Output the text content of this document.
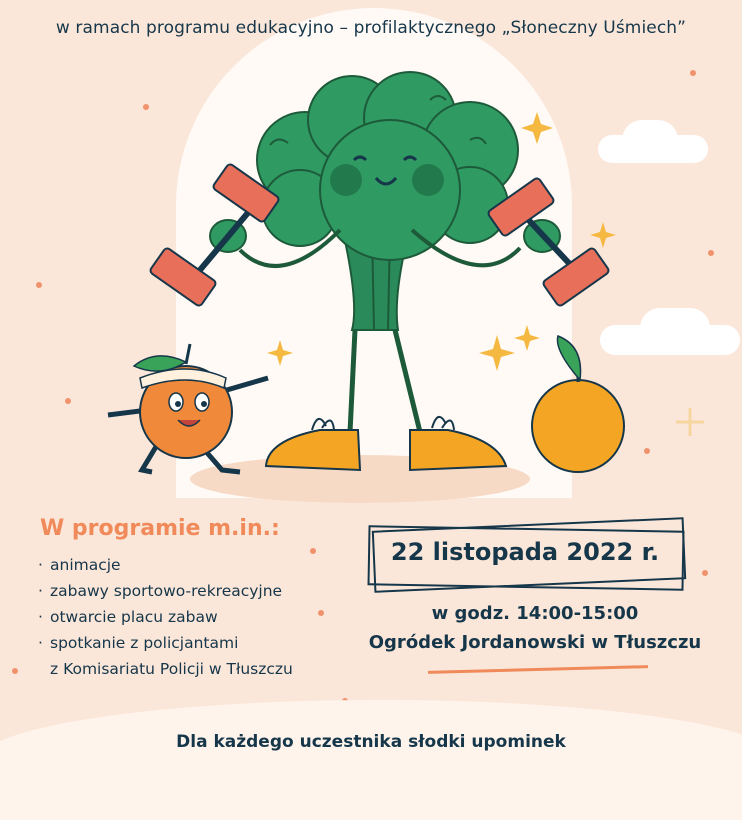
w ramach programu edukacyjno – profilaktycznego „Słoneczny Uśmiech”
W programie m.in.:
· animacje
· zabawy sportowo-rekreacyjne
· otwarcie placu zabaw
· spotkanie z policjantami
z Komisariatu Policji w Tłuszczu
22 listopada 2022 r.
w godz. 14:00-15:00
Ogródek Jordanowski w Tłuszczu
Dla każdego uczestnika słodki upominek
